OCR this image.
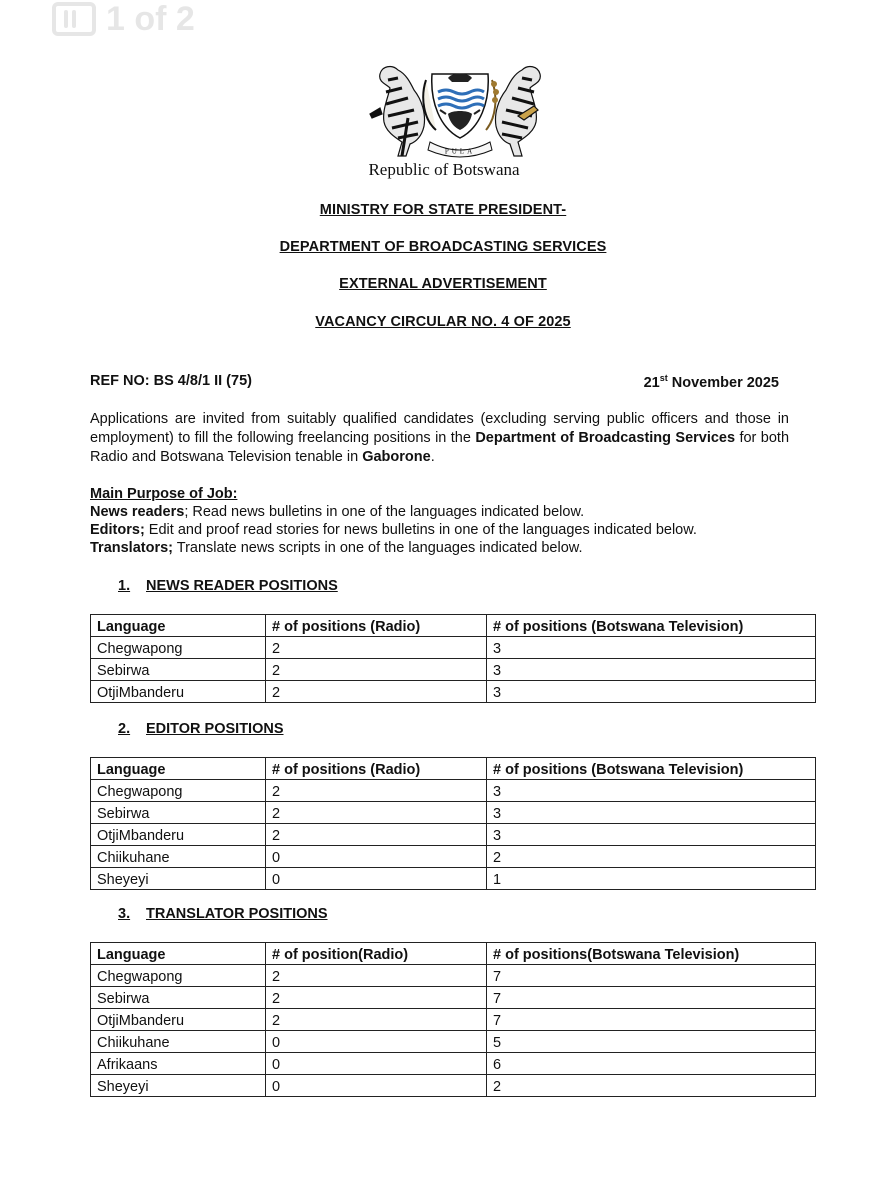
1 of 2
PULA
Republic of Botswana
MINISTRY FOR STATE PRESIDENT-
DEPARTMENT OF BROADCASTING SERVICES
EXTERNAL ADVERTISEMENT
VACANCY CIRCULAR NO. 4 OF 2025
REF NO: BS 4/8/1 II (75)	21st November 2025
Applications are invited from suitably qualified candidates (excluding serving public officers and those in employment) to fill the following freelancing positions in the Department of Broadcasting Services for both Radio and Botswana Television tenable in Gaborone.
Main Purpose of Job:
News readers; Read news bulletins in one of the languages indicated below.
Editors; Edit and proof read stories for news bulletins in one of the languages indicated below.
Translators; Translate news scripts in one of the languages indicated below.
1. NEWS READER POSITIONS
Language	# of positions (Radio)	# of positions (Botswana Television)
Chegwapong	2	3
Sebirwa	2	3
OtjiMbanderu	2	3
2. EDITOR POSITIONS
Language	# of positions (Radio)	# of positions (Botswana Television)
Chegwapong	2	3
Sebirwa	2	3
OtjiMbanderu	2	3
Chiikuhane	0	2
Sheyeyi	0	1
3. TRANSLATOR POSITIONS
Language	# of position(Radio)	# of positions(Botswana Television)
Chegwapong	2	7
Sebirwa	2	7
OtjiMbanderu	2	7
Chiikuhane	0	5
Afrikaans	0	6
Sheyeyi	0	2
